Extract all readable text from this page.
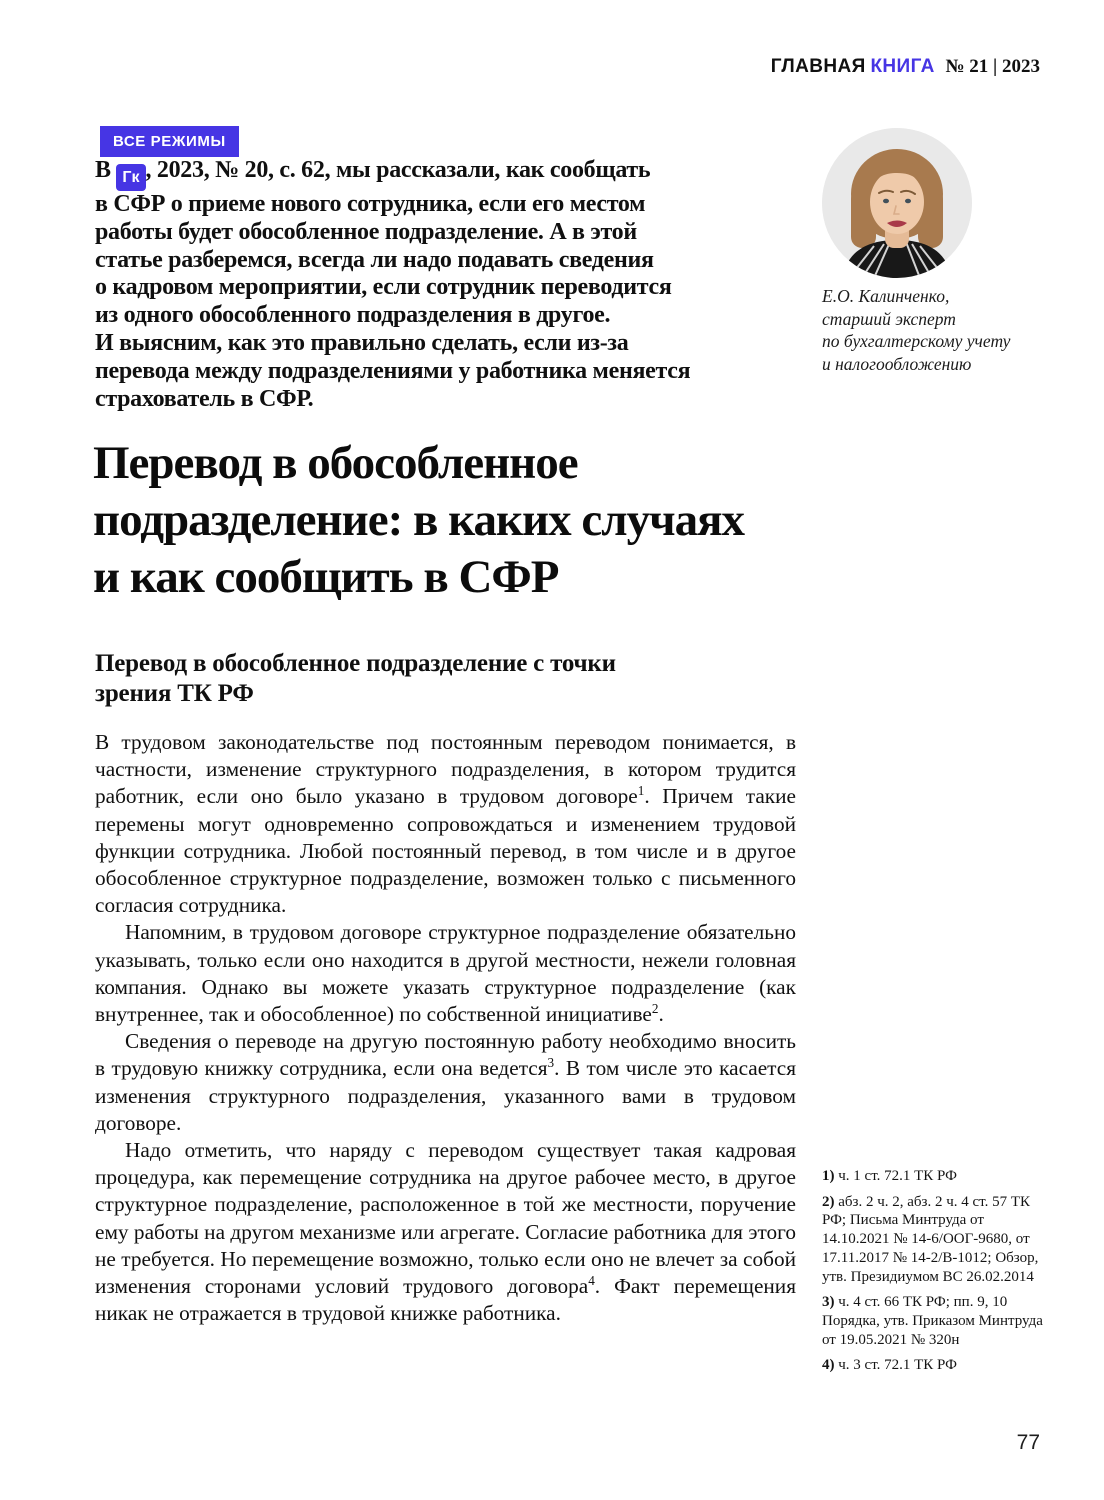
ГЛАВНАЯ КНИГА № 21 | 2023
ВСЕ РЕЖИМЫ
В Гк , 2023, № 20, с. 62, мы рассказали, как сообщать
в СФР о приеме нового сотрудника, если его местом
работы будет обособленное подразделение. А в этой
статье разберемся, всегда ли надо подавать сведения
о кадровом мероприятии, если сотрудник переводится
из одного обособленного подразделения в другое.
И выясним, как это правильно сделать, если из-за
перевода между подразделениями у работника меняется
страхователь в СФР.
Е.О. Калинченко,
старший эксперт
по бухгалтерскому учету
и налогообложению
Перевод в обособленное
подразделение: в каких случаях
и как сообщить в СФР
Перевод в обособленное подразделение с точки
зрения ТК РФ

В трудовом законодательстве под постоянным переводом понимается, в частности, изменение структурного подразделения, в котором трудится работник, если оно было указано в трудовом договоре$^1$. Причем такие перемены могут одновременно сопровождаться и изменением трудовой функции сотрудника. Любой постоянный перевод, в том числе и в другое обособленное структурное подразделение, возможен только с письменного согласия сотрудника.

Напомним, в трудовом договоре структурное подразделение обязательно указывать, только если оно находится в другой местности, нежели головная компания. Однако вы можете указать структурное подразделение (как внутреннее, так и обособленное) по собственной инициативе$^2$.

Сведения о переводе на другую постоянную работу необходимо вносить в трудовую книжку сотрудника, если она ведется$^3$. В том числе это касается изменения структурного подразделения, указанного вами в трудовом договоре.

Надо отметить, что наряду с переводом существует такая кадровая процедура, как перемещение сотрудника на другое рабочее место, в другое структурное подразделение, расположенное в той же местности, поручение ему работы на другом механизме или агрегате. Согласие работника для этого не требуется. Но перемещение возможно, только если оно не влечет за собой изменения сторонами условий трудового договора$^4$. Факт перемещения никак не отражается в трудовой книжке работника.

1) ч. 1 ст. 72.1 ТК РФ

2) абз. 2 ч. 2, абз. 2 ч. 4 ст. 57 ТК РФ; Письма Минтруда от 14.10.2021 № 14-6/ООГ-9680, от 17.11.2017 № 14-2/В-1012; Обзор, утв. Президиумом ВС 26.02.2014

3) ч. 4 ст. 66 ТК РФ; пп. 9, 10 Порядка, утв. Приказом Минтруда от 19.05.2021 № 320н

4) ч. 3 ст. 72.1 ТК РФ

77
